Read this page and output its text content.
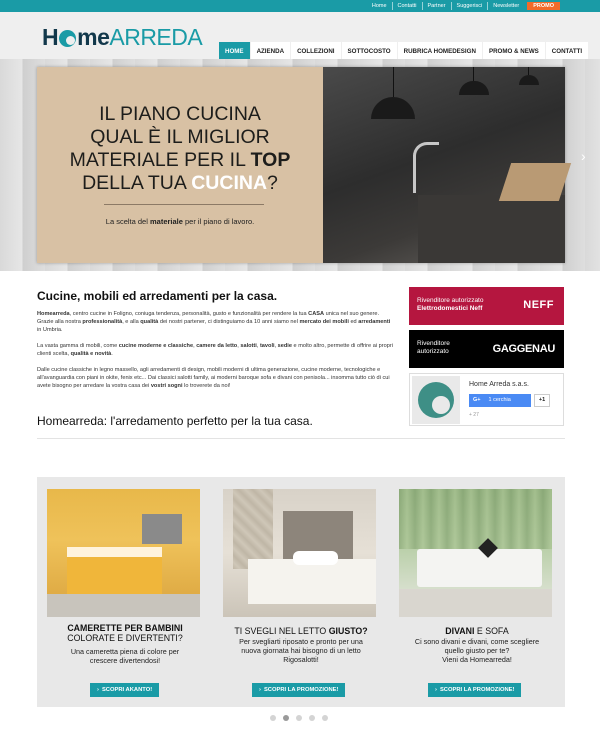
Home	Contatti	Partner	Suggerisci	Newsletter	PROMO
H meARREDA
HOME	AZIENDA	COLLEZIONI	SOTTOCOSTO	RUBRICA HOMEDESIGN	PROMO & NEWS	CONTATTI
IL PIANO CUCINA
QUAL È IL MIGLIOR
MATERIALE PER IL TOP
DELLA TUA CUCINA?
La scelta del materiale per il piano di lavoro.
›
Cucine, mobili ed arredamenti per la casa.
Homearreda, centro cucine in Foligno, coniuga tendenza, personalità, gusto e funzionalità per rendere la tua CASA unica nel suo genere. Grazie alla nostra professionalità, e alla qualità dei nostri partener, ci distinguiamo da 10 anni siamo nel mercato dei mobili ed arredamenti in Umbria.
La vasta gamma di mobili, come cucine moderne e classiche, camere da letto, salotti, tavoli, sedie e molto altro, permette di offrire ai propri clienti scelta, qualità e novità.
Dalle cucine classiche in legno massello, agli arredamenti di design, mobili moderni di ultima generazione, cucine moderne, tecnologiche e all'avanguardia con piani in okite, fenix etc... Dai classici salotti family, ai moderni baroque sofa e divani con penisola... insomma tutto ciò di cui avete bisogno per arredare la vostra casa dei vostri sogni lo troverete da noi!
Homearreda: l'arredamento perfetto per la tua casa.
Rivenditore autorizzato
Elettrodomestici Neff	NEFF
Rivenditore
autorizzato	GAGGENAU
Home Arreda s.a.s.
G+ 1 cerchia	+1
+ 27
CAMERETTE PER BAMBINI
COLORATE E DIVERTENTI?
Una cameretta piena di colore per
crescere divertendosi!
› SCOPRI AKANTO!
TI SVEGLI NEL LETTO GIUSTO?
Per svegliarti riposato e pronto per una
nuova giornata hai bisogno di un letto
Rigosalotti!
› SCOPRI LA PROMOZIONE!
DIVANI E SOFA
Ci sono divani e divani, come scegliere
quello giusto per te?
Vieni da Homearreda!
› SCOPRI LA PROMOZIONE!
